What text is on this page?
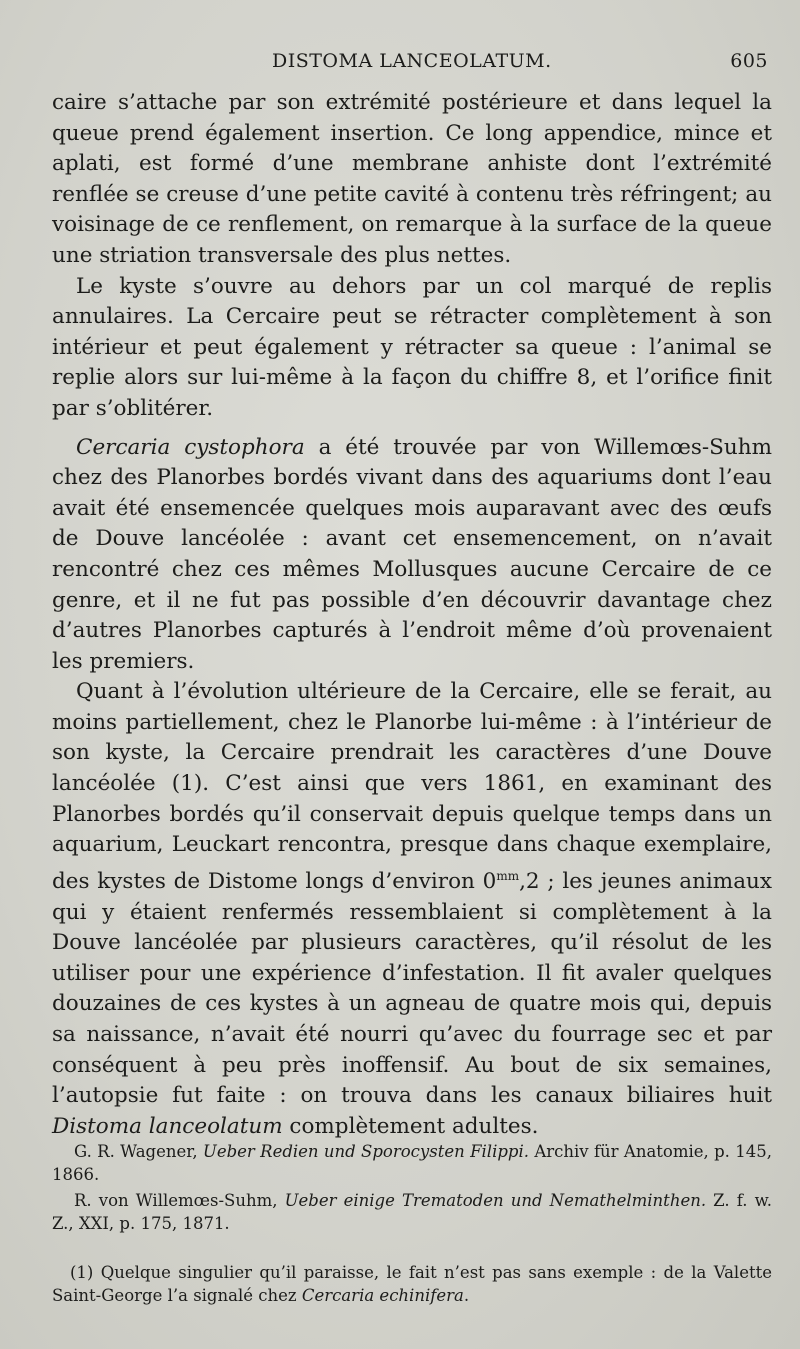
DISTOMA LANCEOLATUM.	605

caire s’attache par son extrémité postérieure et dans lequel la queue prend également insertion. Ce long appendice, mince et aplati, est formé d’une membrane anhiste dont l’extrémité renflée se creuse d’une petite cavité à contenu très réfringent; au voisinage de ce renflement, on remarque à la surface de la queue une striation transversale des plus nettes.

Le kyste s’ouvre au dehors par un col marqué de replis annulaires. La Cercaire peut se rétracter complètement à son intérieur et peut également y rétracter sa queue : l’animal se replie alors sur lui-même à la façon du chiffre 8, et l’orifice finit par s’oblitérer.

Cercaria cystophora a été trouvée par von Willemœs-Suhm chez des Planorbes bordés vivant dans des aquariums dont l’eau avait été ensemencée quelques mois auparavant avec des œufs de Douve lancéolée : avant cet ensemencement, on n’avait rencontré chez ces mêmes Mollusques aucune Cercaire de ce genre, et il ne fut pas possible d’en découvrir davantage chez d’autres Planorbes capturés à l’endroit même d’où provenaient les premiers.

Quant à l’évolution ultérieure de la Cercaire, elle se ferait, au moins partiellement, chez le Planorbe lui-même : à l’intérieur de son kyste, la Cercaire prendrait les caractères d’une Douve lancéolée (1). C’est ainsi que vers 1861, en examinant des Planorbes bordés qu’il conservait depuis quelque temps dans un aquarium, Leuckart rencontra, presque dans chaque exemplaire, des kystes de Distome longs d’environ $0^{mm},2$ ; les jeunes animaux qui y étaient renfermés ressemblaient si complètement à la Douve lancéolée par plusieurs caractères, qu’il résolut de les utiliser pour une expérience d’infestation. Il fit avaler quelques douzaines de ces kystes à un agneau de quatre mois qui, depuis sa naissance, n’avait été nourri qu’avec du fourrage sec et par conséquent à peu près inoffensif. Au bout de six semaines, l’autopsie fut faite : on trouva dans les canaux biliaires huit Distoma lanceolatum complètement adultes.

G. R. Wagener, Ueber Redien und Sporocysten Filippi. Archiv für Anatomie, p. 145, 1866.

R. von Willemœs-Suhm, Ueber einige Trematoden und Nemathelminthen. Z. f. w. Z., XXI, p. 175, 1871.

(1) Quelque singulier qu’il paraisse, le fait n’est pas sans exemple : de la Valette Saint-George l’a signalé chez Cercaria echinifera.
